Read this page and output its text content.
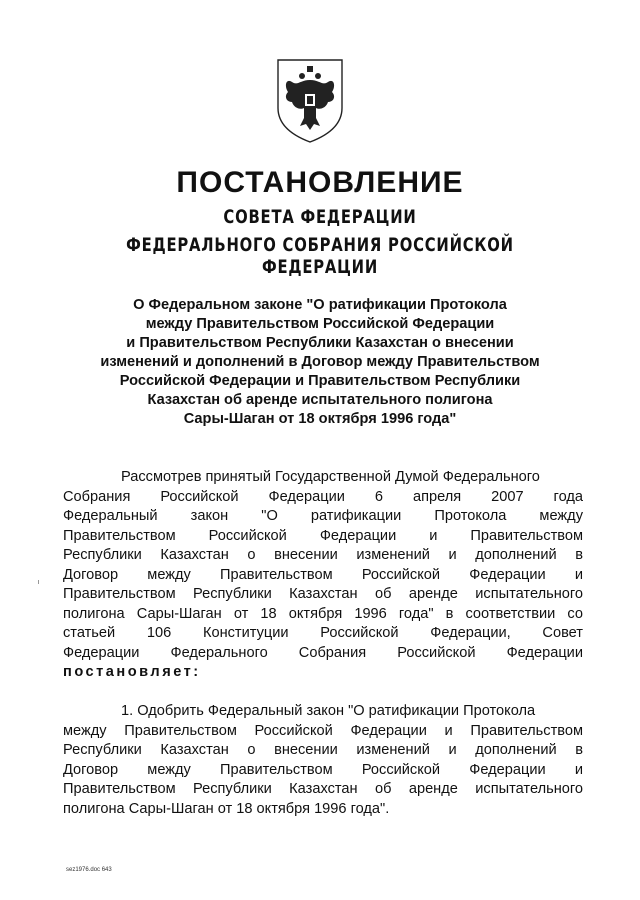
ПОСТАНОВЛЕНИЕ
СОВЕТА ФЕДЕРАЦИИ
ФЕДЕРАЛЬНОГО СОБРАНИЯ РОССИЙСКОЙ ФЕДЕРАЦИИ
О Федеральном законе "О ратификации Протокола
между Правительством Российской Федерации
и Правительством Республики Казахстан о внесении
изменений и дополнений в Договор между Правительством
Российской Федерации и Правительством Республики
Казахстан об аренде испытательного полигона
Сары-Шаган от 18 октября 1996 года"
Рассмотрев принятый Государственной Думой Федерального
Собрания Российской Федерации 6 апреля 2007 года
Федеральный закон "О ратификации Протокола между
Правительством Российской Федерации и Правительством
Республики Казахстан о внесении изменений и дополнений в
Договор между Правительством Российской Федерации и
Правительством Республики Казахстан об аренде испытательного
полигона Сары-Шаган от 18 октября 1996 года" в соответствии со
статьей 106 Конституции Российской Федерации, Совет
Федерации Федерального Собрания Российской Федерации
постановляет:
1. Одобрить Федеральный закон "О ратификации Протокола
между Правительством Российской Федерации и Правительством
Республики Казахстан о внесении изменений и дополнений в
Договор между Правительством Российской Федерации и
Правительством Республики Казахстан об аренде испытательного
полигона Сары-Шаган от 18 октября 1996 года".
sez1976.doc 643
